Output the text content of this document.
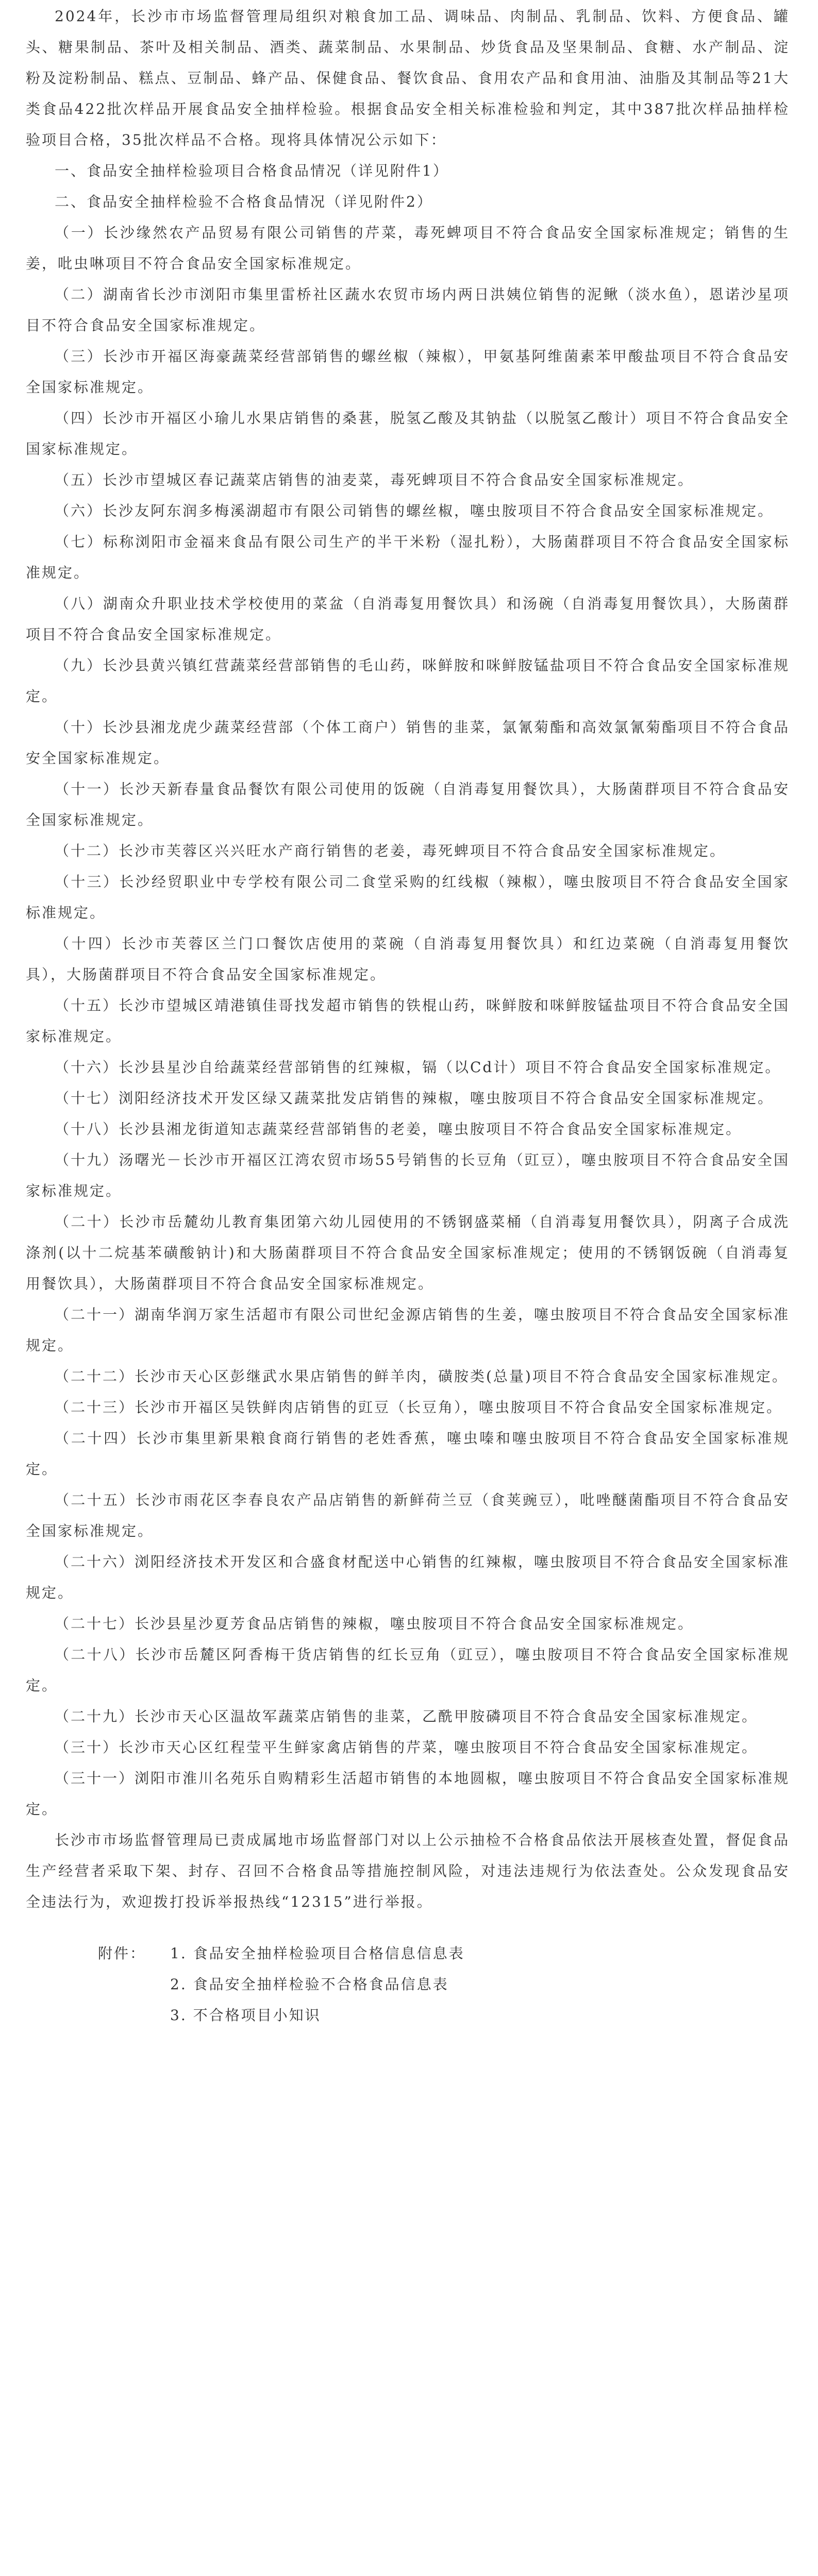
2024年，长沙市市场监督管理局组织对粮食加工品、调味品、肉制品、乳制品、饮料、方便食品、罐头、糖果制品、茶叶及相关制品、酒类、蔬菜制品、水果制品、炒货食品及坚果制品、食糖、水产制品、淀粉及淀粉制品、糕点、豆制品、蜂产品、保健食品、餐饮食品、食用农产品和食用油、油脂及其制品等21大类食品422批次样品开展食品安全抽样检验。根据食品安全相关标准检验和判定，其中387批次样品抽样检验项目合格，35批次样品不合格。现将具体情况公示如下：

一、食品安全抽样检验项目合格食品情况（详见附件1）

二、食品安全抽样检验不合格食品情况（详见附件2）

（一）长沙缘然农产品贸易有限公司销售的芹菜，毒死蜱项目不符合食品安全国家标准规定；销售的生姜，吡虫啉项目不符合食品安全国家标准规定。

（二）湖南省长沙市浏阳市集里雷桥社区蔬水农贸市场内两日洪姨位销售的泥鳅（淡水鱼），恩诺沙星项目不符合食品安全国家标准规定。

（三）长沙市开福区海豪蔬菜经营部销售的螺丝椒（辣椒），甲氨基阿维菌素苯甲酸盐项目不符合食品安全国家标准规定。

（四）长沙市开福区小瑜儿水果店销售的桑葚，脱氢乙酸及其钠盐（以脱氢乙酸计）项目不符合食品安全国家标准规定。

（五）长沙市望城区春记蔬菜店销售的油麦菜，毒死蜱项目不符合食品安全国家标准规定。

（六）长沙友阿东润多梅溪湖超市有限公司销售的螺丝椒，噻虫胺项目不符合食品安全国家标准规定。

（七）标称浏阳市金福来食品有限公司生产的半干米粉（湿扎粉），大肠菌群项目不符合食品安全国家标准规定。

（八）湖南众升职业技术学校使用的菜盆（自消毒复用餐饮具）和汤碗（自消毒复用餐饮具），大肠菌群项目不符合食品安全国家标准规定。

（九）长沙县黄兴镇红营蔬菜经营部销售的毛山药，咪鲜胺和咪鲜胺锰盐项目不符合食品安全国家标准规定。

（十）长沙县湘龙虎少蔬菜经营部（个体工商户）销售的韭菜，氯氰菊酯和高效氯氰菊酯项目不符合食品安全国家标准规定。

（十一）长沙天新春量食品餐饮有限公司使用的饭碗（自消毒复用餐饮具），大肠菌群项目不符合食品安全国家标准规定。

（十二）长沙市芙蓉区兴兴旺水产商行销售的老姜，毒死蜱项目不符合食品安全国家标准规定。

（十三）长沙经贸职业中专学校有限公司二食堂采购的红线椒（辣椒），噻虫胺项目不符合食品安全国家标准规定。

（十四）长沙市芙蓉区兰门口餐饮店使用的菜碗（自消毒复用餐饮具）和红边菜碗（自消毒复用餐饮具），大肠菌群项目不符合食品安全国家标准规定。

（十五）长沙市望城区靖港镇佳哥找发超市销售的铁棍山药，咪鲜胺和咪鲜胺锰盐项目不符合食品安全国家标准规定。

（十六）长沙县星沙自给蔬菜经营部销售的红辣椒，镉（以Cd计）项目不符合食品安全国家标准规定。

（十七）浏阳经济技术开发区绿又蔬菜批发店销售的辣椒，噻虫胺项目不符合食品安全国家标准规定。

（十八）长沙县湘龙街道知志蔬菜经营部销售的老姜，噻虫胺项目不符合食品安全国家标准规定。

（十九）汤曙光－长沙市开福区江湾农贸市场55号销售的长豆角（豇豆），噻虫胺项目不符合食品安全国家标准规定。

（二十）长沙市岳麓幼儿教育集团第六幼儿园使用的不锈钢盛菜桶（自消毒复用餐饮具），阴离子合成洗涤剂(以十二烷基苯磺酸钠计)和大肠菌群项目不符合食品安全国家标准规定；使用的不锈钢饭碗（自消毒复用餐饮具），大肠菌群项目不符合食品安全国家标准规定。

（二十一）湖南华润万家生活超市有限公司世纪金源店销售的生姜，噻虫胺项目不符合食品安全国家标准规定。

（二十二）长沙市天心区彭继武水果店销售的鲜羊肉，磺胺类(总量)项目不符合食品安全国家标准规定。

（二十三）长沙市开福区吴铁鲜肉店销售的豇豆（长豆角），噻虫胺项目不符合食品安全国家标准规定。

（二十四）长沙市集里新果粮食商行销售的老姓香蕉，噻虫嗪和噻虫胺项目不符合食品安全国家标准规定。

（二十五）长沙市雨花区李春良农产品店销售的新鲜荷兰豆（食荚豌豆），吡唑醚菌酯项目不符合食品安全国家标准规定。

（二十六）浏阳经济技术开发区和合盛食材配送中心销售的红辣椒，噻虫胺项目不符合食品安全国家标准规定。

（二十七）长沙县星沙夏芳食品店销售的辣椒，噻虫胺项目不符合食品安全国家标准规定。

（二十八）长沙市岳麓区阿香梅干货店销售的红长豆角（豇豆），噻虫胺项目不符合食品安全国家标准规定。

（二十九）长沙市天心区温故军蔬菜店销售的韭菜，乙酰甲胺磷项目不符合食品安全国家标准规定。

（三十）长沙市天心区红程莹平生鲜家禽店销售的芹菜，噻虫胺项目不符合食品安全国家标准规定。

（三十一）浏阳市淮川名苑乐自购精彩生活超市销售的本地圆椒，噻虫胺项目不符合食品安全国家标准规定。

长沙市市场监督管理局已责成属地市场监督部门对以上公示抽检不合格食品依法开展核查处置，督促食品生产经营者采取下架、封存、召回不合格食品等措施控制风险，对违法违规行为依法查处。公众发现食品安全违法行为，欢迎拨打投诉举报热线“12315”进行举报。

附件：	1. 食品安全抽样检验项目合格信息信息表
2. 食品安全抽样检验不合格食品信息表
3. 不合格项目小知识
